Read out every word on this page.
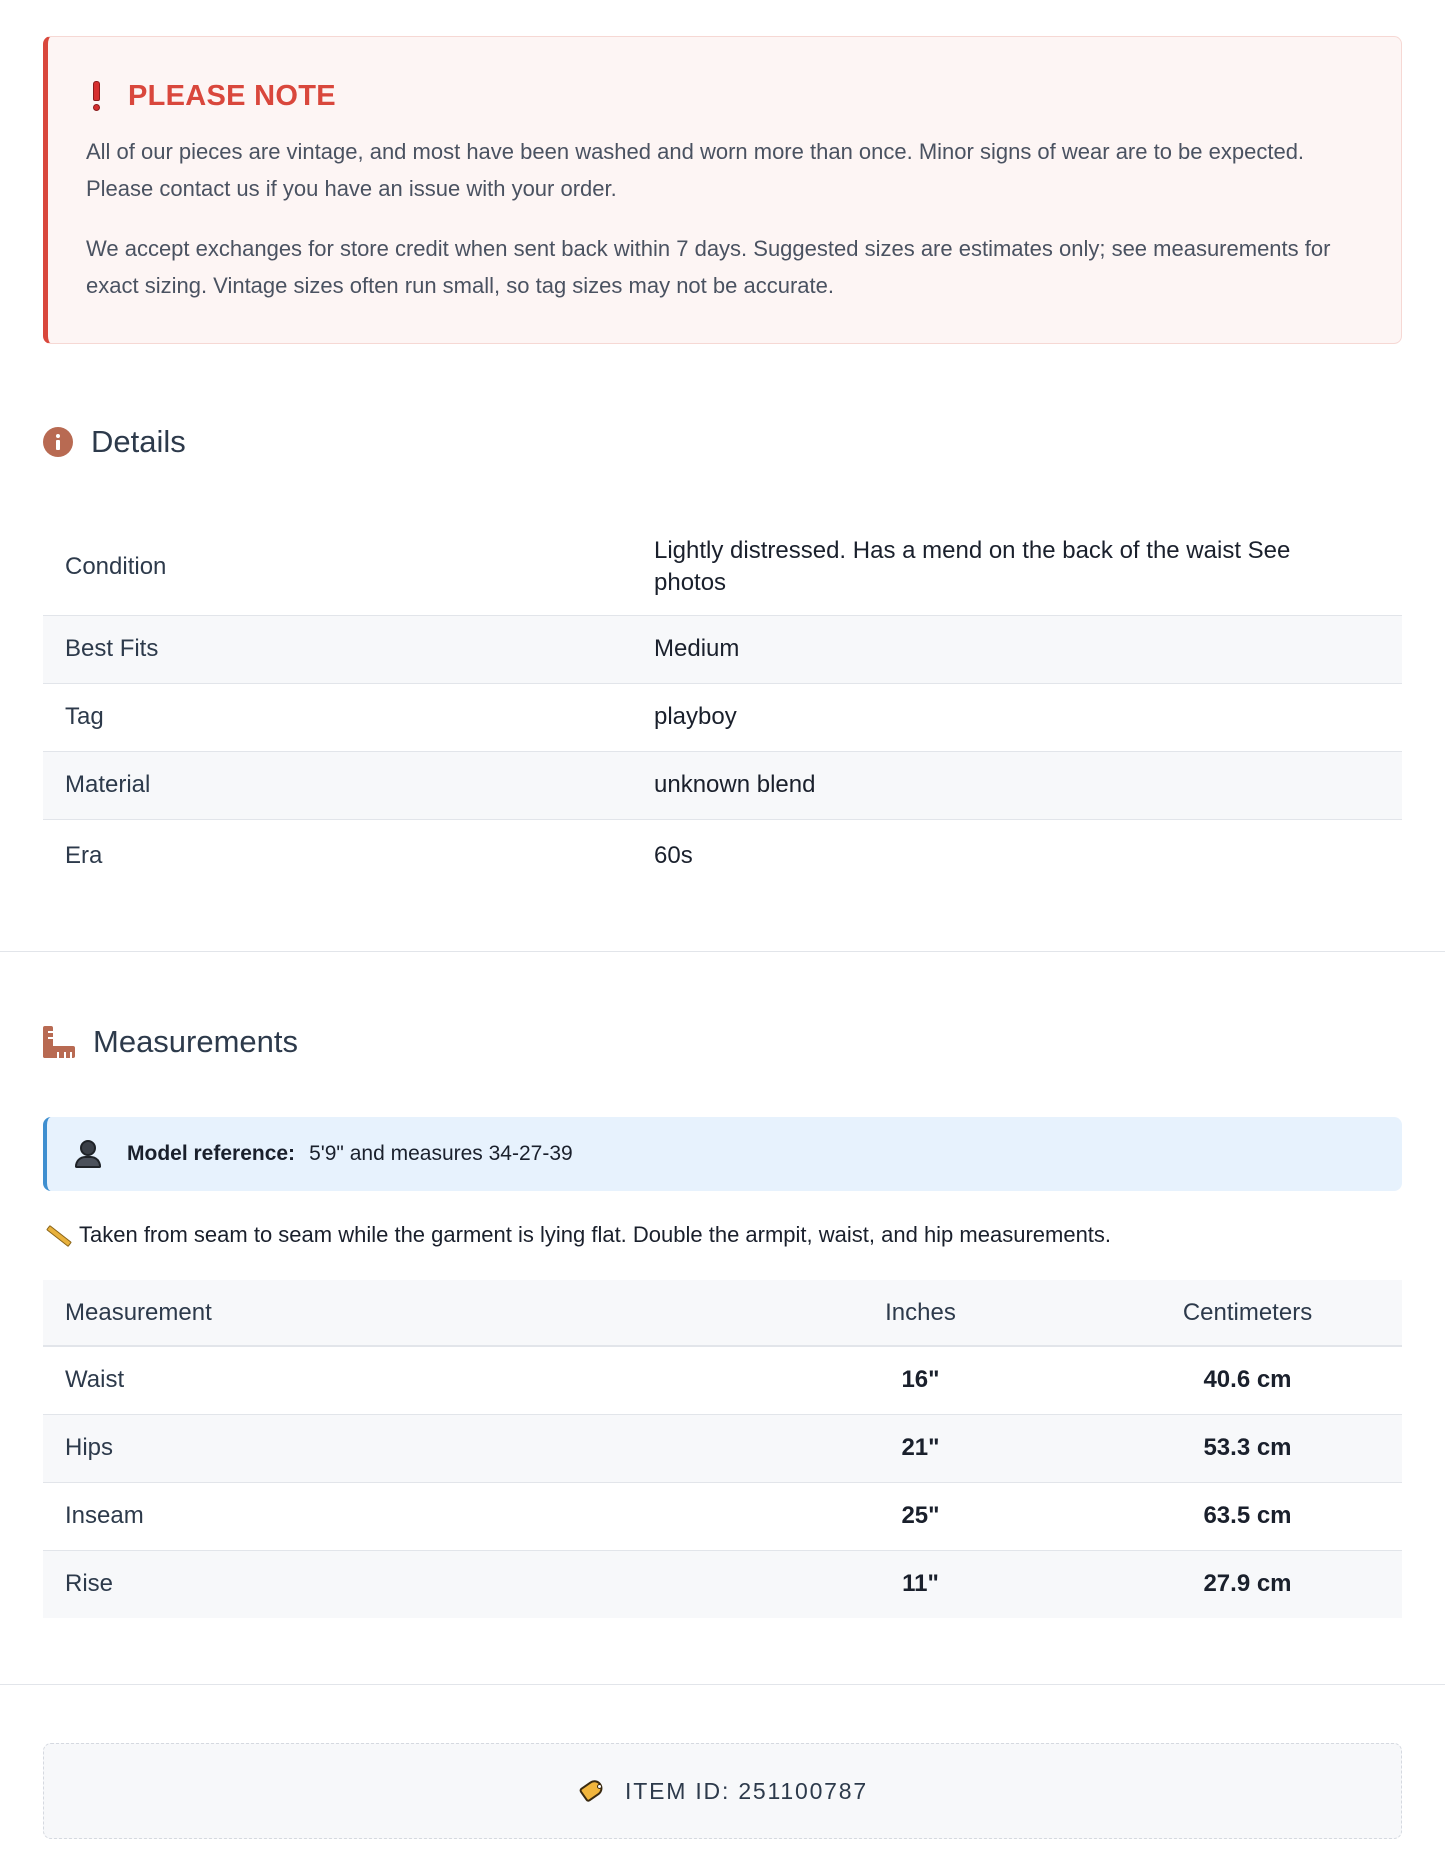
PLEASE NOTE

All of our pieces are vintage, and most have been washed and worn more than once. Minor signs of wear are to be expected. Please contact us if you have an issue with your order.

We accept exchanges for store credit when sent back within 7 days. Suggested sizes are estimates only; see measurements for exact sizing. Vintage sizes often run small, so tag sizes may not be accurate.

Details
Condition	Lightly distressed. Has a mend on the back of the waist See photos
Best Fits	Medium
Tag	playboy
Material	unknown blend
Era	60s
Measurements
Model reference: 5'9" and measures 34-27-39
Taken from seam to seam while the garment is lying flat. Double the armpit, waist, and hip measurements.
Measurement	Inches	Centimeters
Waist	16"	40.6 cm
Hips	21"	53.3 cm
Inseam	25"	63.5 cm
Rise	11"	27.9 cm
ITEM ID: 251100787
